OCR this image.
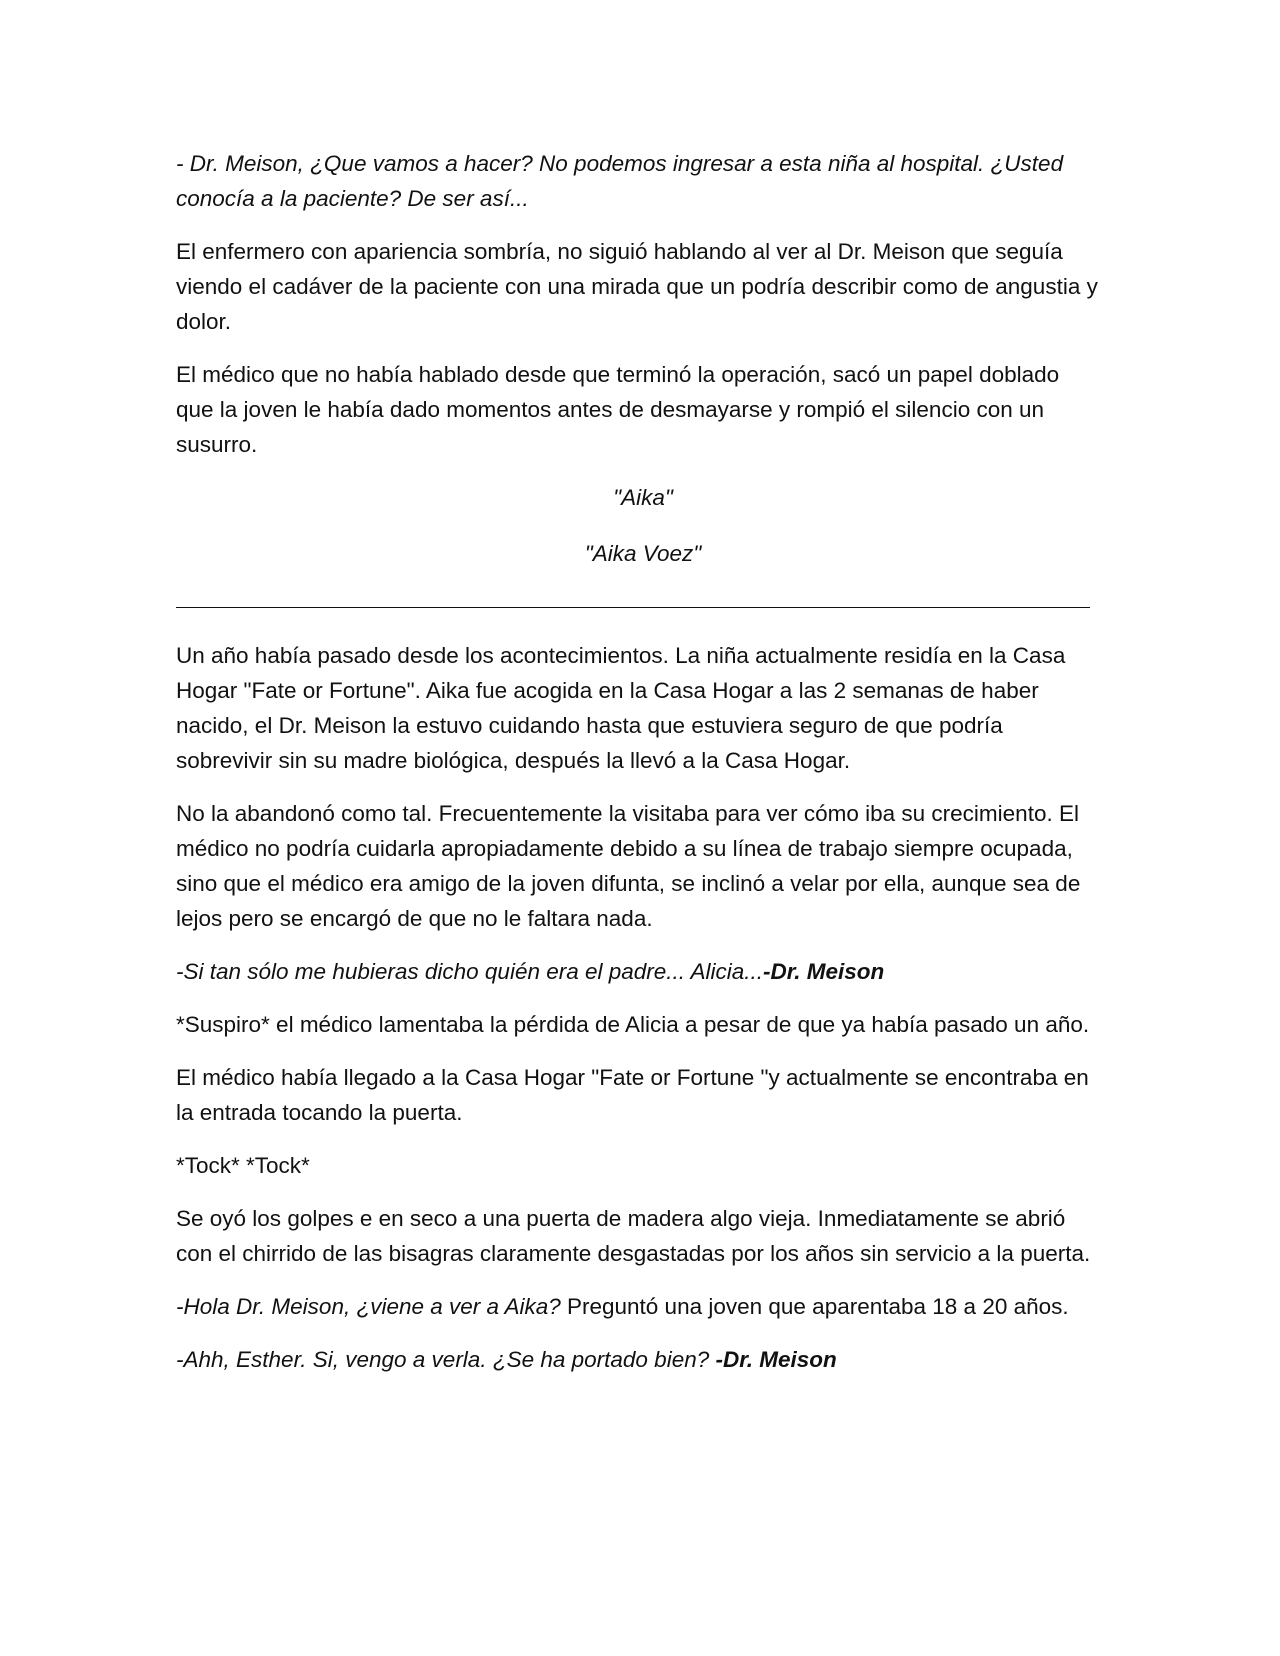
- Dr. Meison, ¿Que vamos a hacer? No podemos ingresar a esta niña al hospital. ¿Usted conocía a la paciente? De ser así...

El enfermero con apariencia sombría, no siguió hablando al ver al Dr. Meison que seguía viendo el cadáver de la paciente con una mirada que un podría describir como de angustia y dolor.

El médico que no había hablado desde que terminó la operación, sacó un papel doblado que la joven le había dado momentos antes de desmayarse y rompió el silencio con un susurro.

"Aika"

"Aika Voez"

Un año había pasado desde los acontecimientos. La niña actualmente residía en la Casa Hogar "Fate or Fortune". Aika fue acogida en la Casa Hogar a las 2 semanas de haber nacido, el Dr. Meison la estuvo cuidando hasta que estuviera seguro de que podría sobrevivir sin su madre biológica, después la llevó a la Casa Hogar.

No la abandonó como tal. Frecuentemente la visitaba para ver cómo iba su crecimiento. El médico no podría cuidarla apropiadamente debido a su línea de trabajo siempre ocupada, sino que el médico era amigo de la joven difunta, se inclinó a velar por ella, aunque sea de lejos pero se encargó de que no le faltara nada.

-Si tan sólo me hubieras dicho quién era el padre... Alicia...-Dr. Meison

*Suspiro* el médico lamentaba la pérdida de Alicia a pesar de que ya había pasado un año.

El médico había llegado a la Casa Hogar "Fate or Fortune "y actualmente se encontraba en la entrada tocando la puerta.

*Tock* *Tock*

Se oyó los golpes e en seco a una puerta de madera algo vieja. Inmediatamente se abrió con el chirrido de las bisagras claramente desgastadas por los años sin servicio a la puerta.

-Hola Dr. Meison, ¿viene a ver a Aika? Preguntó una joven que aparentaba 18 a 20 años.

-Ahh, Esther. Si, vengo a verla. ¿Se ha portado bien? -Dr. Meison
